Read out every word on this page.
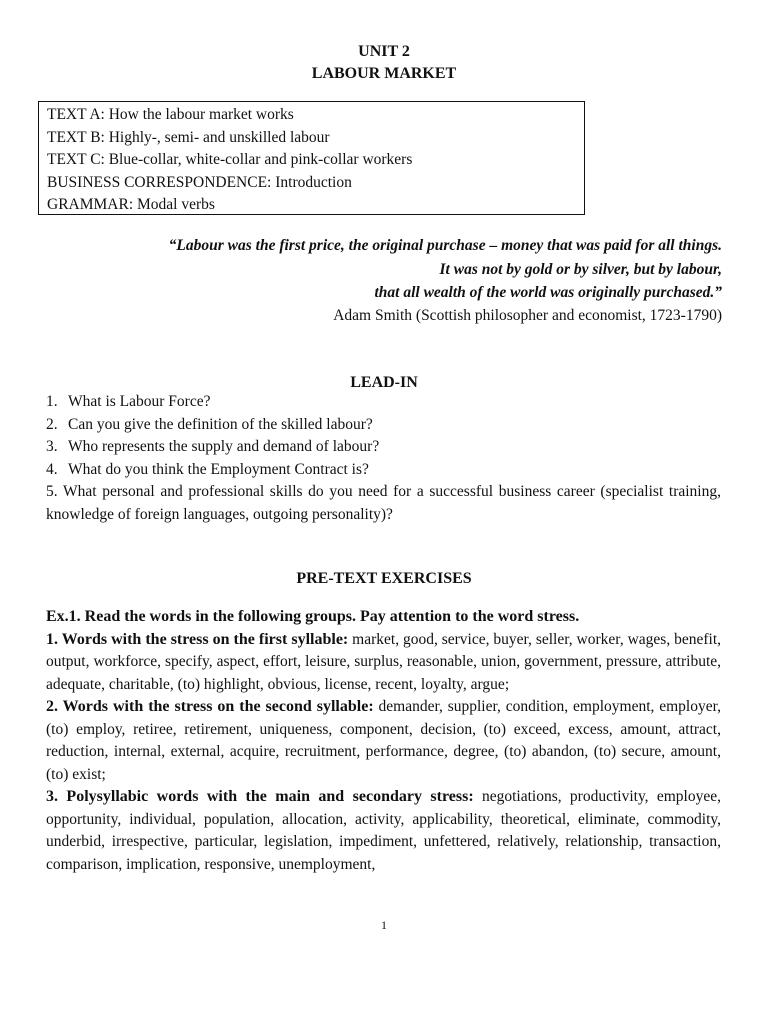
UNIT 2
LABOUR MARKET
TEXT A: How the labour market works
TEXT B: Highly-, semi- and unskilled labour
TEXT C: Blue-collar, white-collar and pink-collar workers
BUSINESS CORRESPONDENCE: Introduction
GRAMMAR: Modal verbs
“Labour was the first price, the original purchase – money that was paid for all things.
It was not by gold or by silver, but by labour,
that all wealth of the world was originally purchased.”
Adam Smith (Scottish philosopher and economist, 1723-1790)
LEAD-IN
1. What is Labour Force?
2. Can you give the definition of the skilled labour?
3. Who represents the supply and demand of labour?
4. What do you think the Employment Contract is?
5. What personal and professional skills do you need for a successful business career (specialist training, knowledge of foreign languages, outgoing personality)?
PRE-TEXT EXERCISES
Ex.1. Read the words in the following groups. Pay attention to the word stress.
1. Words with the stress on the first syllable: market, good, service, buyer, seller, worker, wages, benefit, output, workforce, specify, aspect, effort, leisure, surplus, reasonable, union, government, pressure, attribute, adequate, charitable, (to) highlight, obvious, license, recent, loyalty, argue;
2. Words with the stress on the second syllable: demander, supplier, condition, employment, employer, (to) employ, retiree, retirement, uniqueness, component, decision, (to) exceed, excess, amount, attract, reduction, internal, external, acquire, recruitment, performance, degree, (to) abandon, (to) secure, amount, (to) exist;
3. Polysyllabic words with the main and secondary stress: negotiations, productivity, employee, opportunity, individual, population, allocation, activity, applicability, theoretical, eliminate, commodity, underbid, irrespective, particular, legislation, impediment, unfettered, relatively, relationship, transaction, comparison, implication, responsive, unemployment,
1
